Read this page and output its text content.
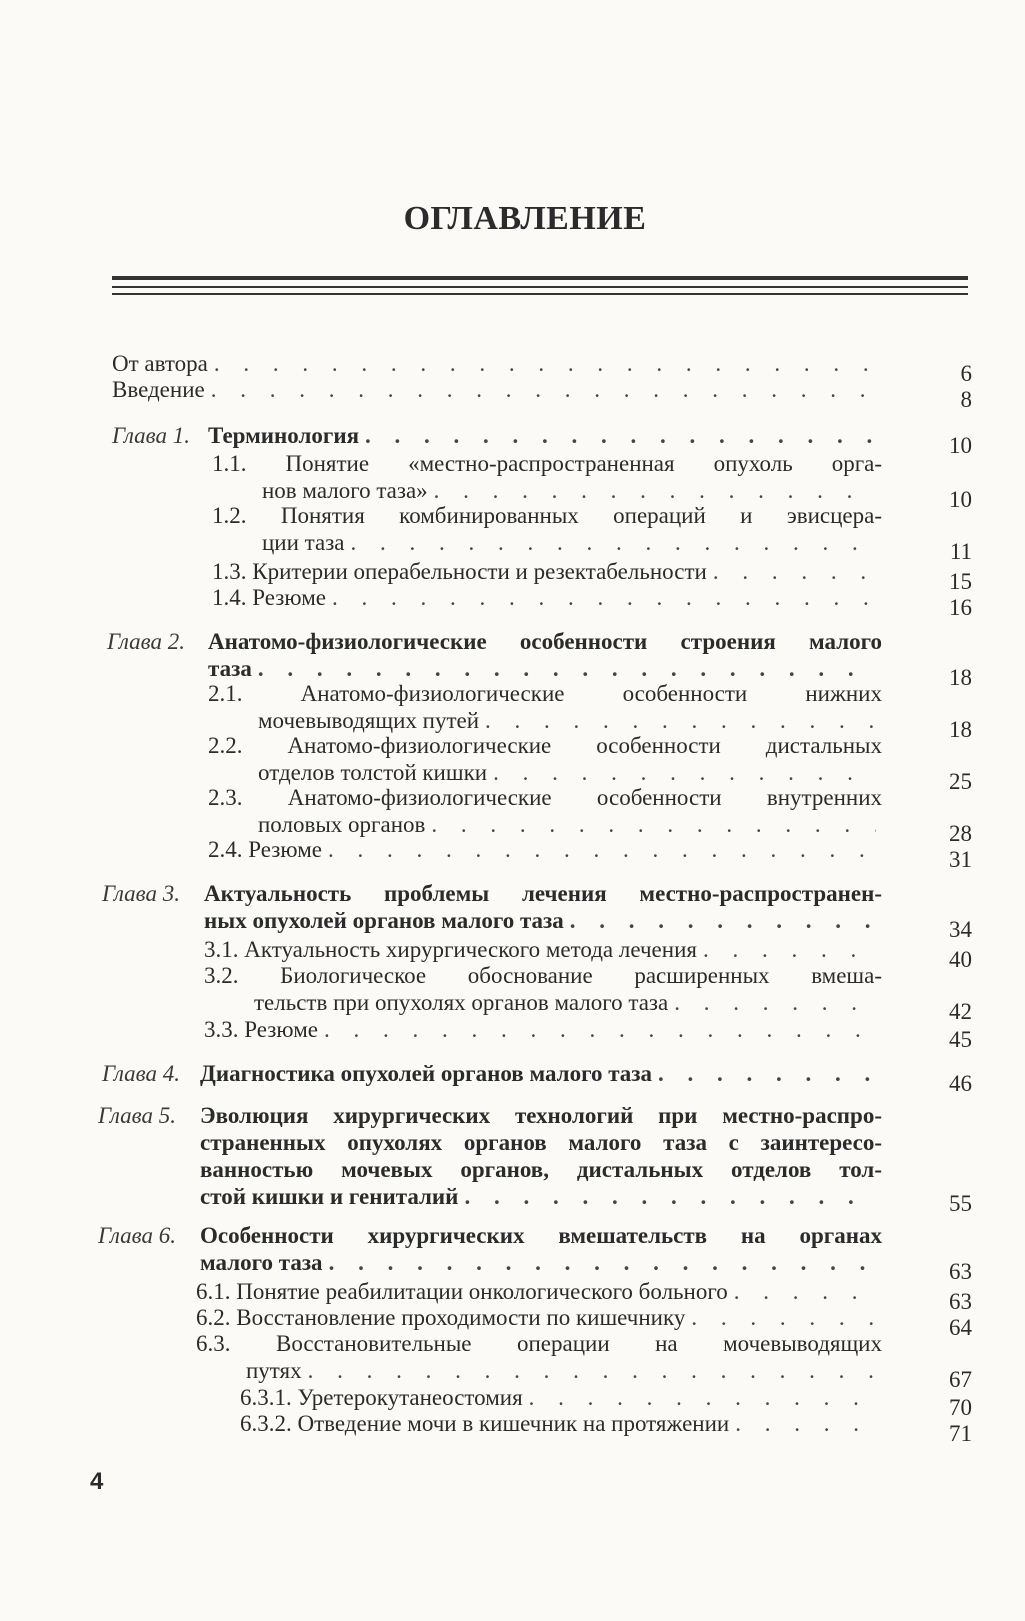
ОГЛАВЛЕНИЕ
От автора . . .	6
Введение . . .	8
Глава 1. Терминология . . .	10
1.1. Понятие «местно-распространенная опухоль орга-
нов малого таза» . . .	10
1.2. Понятия комбинированных операций и эвисцера-
ции таза . . .	11
1.3. Критерии операбельности и резектабельности . . .	15
1.4. Резюме . . .	16
Глава 2. Анатомо-физиологические особенности строения малого
таза . . .	18
2.1. Анатомо-физиологические особенности нижних
мочевыводящих путей . . .	18
2.2. Анатомо-физиологические особенности дистальных
отделов толстой кишки . . .	25
2.3. Анатомо-физиологические особенности внутренних
половых органов . . .	28
2.4. Резюме . . .	31
Глава 3. Актуальность проблемы лечения местно-распространен-
ных опухолей органов малого таза . . .	34
3.1. Актуальность хирургического метода лечения . . .	40
3.2. Биологическое обоснование расширенных вмеша-
тельств при опухолях органов малого таза . . .	42
3.3. Резюме . . .	45
Глава 4. Диагностика опухолей органов малого таза . . .	46
Глава 5. Эволюция хирургических технологий при местно-распро-
страненных опухолях органов малого таза с заинтересо-
ванностью мочевых органов, дистальных отделов тол-
стой кишки и гениталий . . .	55
Глава 6. Особенности хирургических вмешательств на органах
малого таза . . .	63
6.1. Понятие реабилитации онкологического больного . . .	63
6.2. Восстановление проходимости по кишечнику . . .	64
6.3. Восстановительные операции на мочевыводящих
путях . . .	67
6.3.1. Уретерокутанеостомия . . .	70
6.3.2. Отведение мочи в кишечник на протяжении . . .	71
4
